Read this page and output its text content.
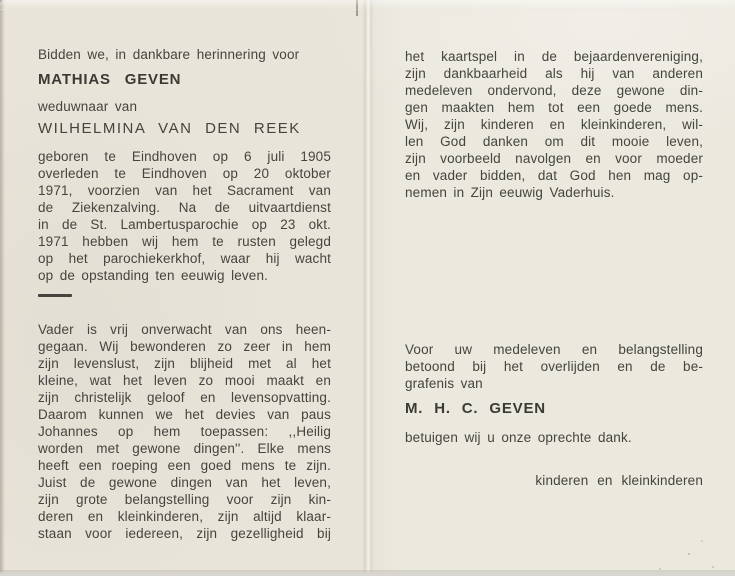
Bidden we, in dankbare herinnering voor

MATHIAS GEVEN

weduwnaar van

WILHELMINA VAN DEN REEK

geboren te Eindhoven op 6 juli 1905
overleden te Eindhoven op 20 oktober
1971, voorzien van het Sacrament van
de Ziekenzalving. Na de uitvaartdienst
in de St. Lambertusparochie op 23 okt.
1971 hebben wij hem te rusten gelegd
op het parochiekerkhof, waar hij wacht
op de opstanding ten eeuwig leven.
Vader is vrij onverwacht van ons heen-
gegaan. Wij bewonderen zo zeer in hem
zijn levenslust, zijn blijheid met al het
kleine, wat het leven zo mooi maakt en
zijn christelijk geloof en levensopvatting.
Daarom kunnen we het devies van paus
Johannes op hem toepassen: ,,Heilig
worden met gewone dingen''. Elke mens
heeft een roeping een goed mens te zijn.
Juist de gewone dingen van het leven,
zijn grote belangstelling voor zijn kin-
deren en kleinkinderen, zijn altijd klaar-
staan voor iedereen, zijn gezelligheid bij
het kaartspel in de bejaardenvereniging,
zijn dankbaarheid als hij van anderen
medeleven ondervond, deze gewone din-
gen maakten hem tot een goede mens.
Wij, zijn kinderen en kleinkinderen, wil-
len God danken om dit mooie leven,
zijn voorbeeld navolgen en voor moeder
en vader bidden, dat God hen mag op-
nemen in Zijn eeuwig Vaderhuis.
Voor uw medeleven en belangstelling
betoond bij het overlijden en de be-
grafenis van

M. H. C. GEVEN

betuigen wij u onze oprechte dank.

kinderen en kleinkinderen
